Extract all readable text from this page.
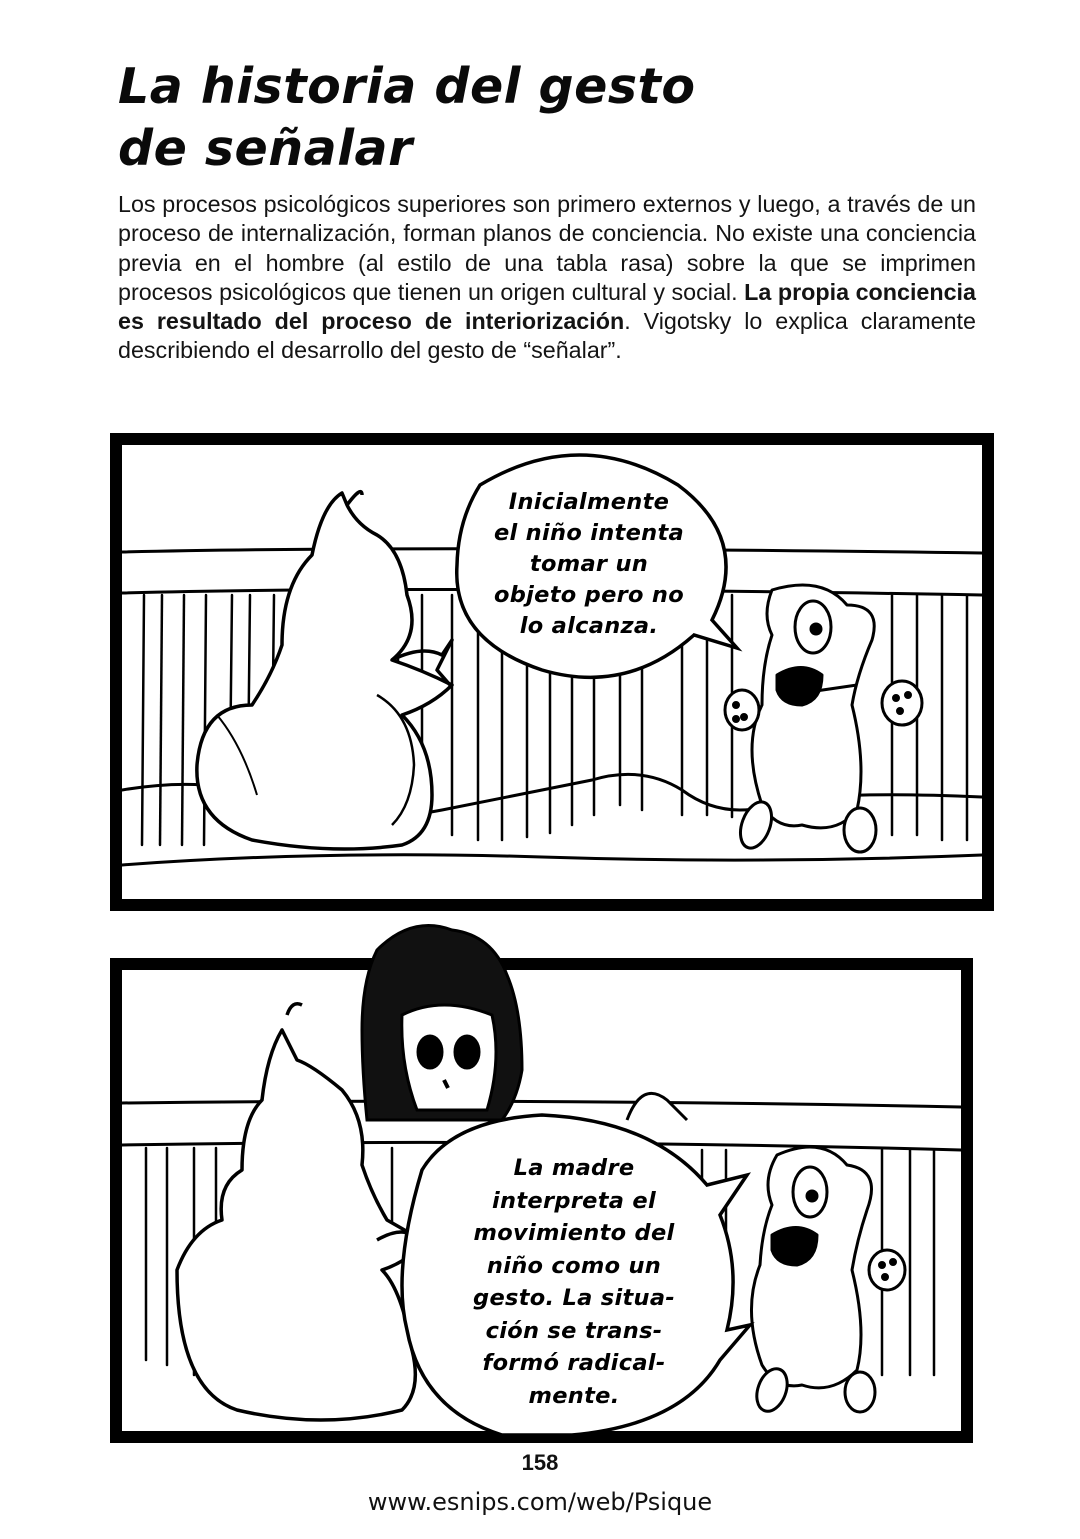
La historia del gesto
de señalar

Los procesos psicológicos superiores son primero externos y luego, a través de un proceso de internalización, forman planos de conciencia. No existe una conciencia previa en el hombre (al estilo de una tabla rasa) sobre la que se imprimen procesos psicológicos que tienen un origen cultural y social. La propia conciencia es resultado del proceso de interiorización. Vigotsky lo explica claramente describiendo el desarrollo del gesto de “señalar”.

Inicialmente
el niño intenta
tomar un
objeto pero no
lo alcanza.
La madre
interpreta el
movimiento del
niño como un
gesto. La situa-
ción se trans-
formó radical-
mente.
158
www.esnips.com/web/Psique
